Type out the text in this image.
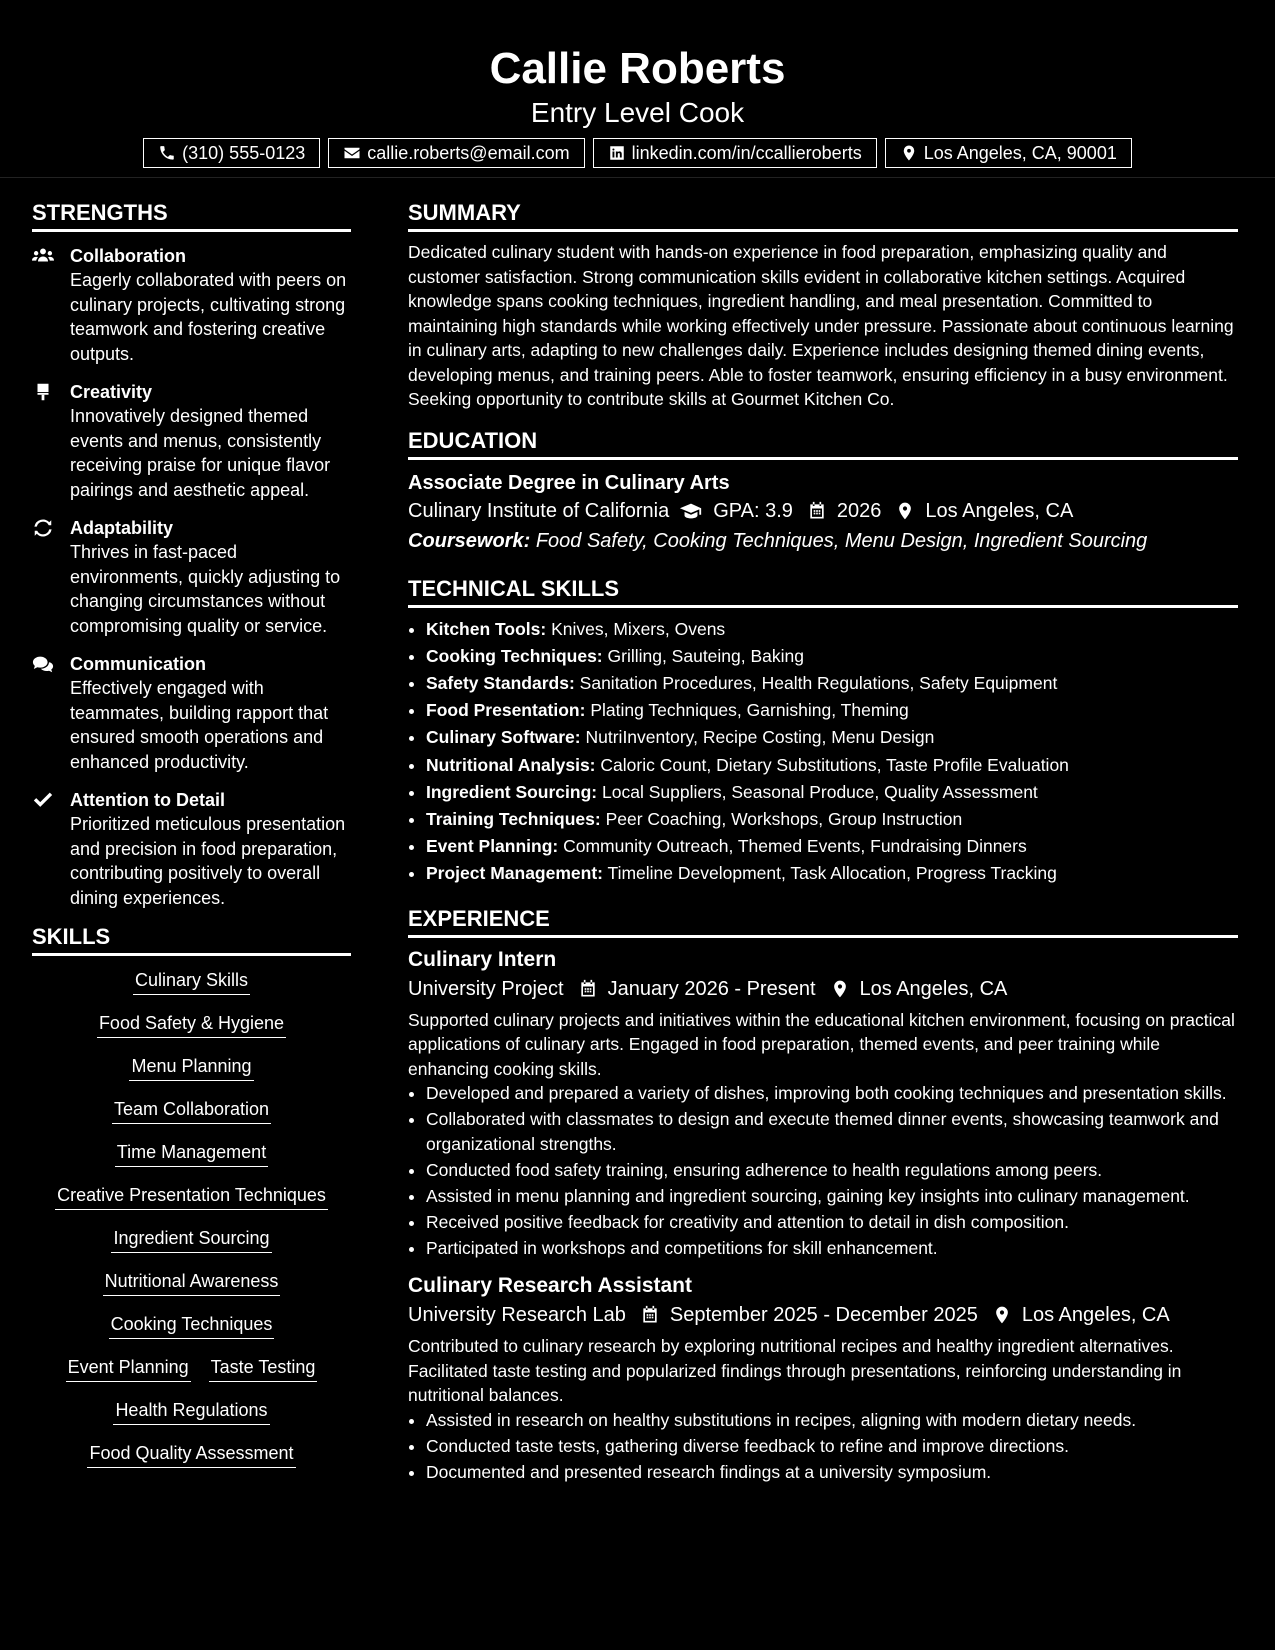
Callie Roberts
Entry Level Cook
(310) 555-0123	callie.roberts@email.com	linkedin.com/in/ccallieroberts	Los Angeles, CA, 90001
STRENGTHS
Collaboration
Eagerly collaborated with peers on culinary projects, cultivating strong teamwork and fostering creative outputs.
Creativity
Innovatively designed themed events and menus, consistently receiving praise for unique flavor pairings and aesthetic appeal.
Adaptability
Thrives in fast-paced environments, quickly adjusting to changing circumstances without compromising quality or service.
Communication
Effectively engaged with teammates, building rapport that ensured smooth operations and enhanced productivity.
Attention to Detail
Prioritized meticulous presentation and precision in food preparation, contributing positively to overall dining experiences.
SKILLS
Culinary Skills
Food Safety & Hygiene
Menu Planning
Team Collaboration
Time Management
Creative Presentation Techniques
Ingredient Sourcing
Nutritional Awareness
Cooking Techniques
Event Planning Taste Testing
Health Regulations
Food Quality Assessment
SUMMARY
Dedicated culinary student with hands-on experience in food preparation, emphasizing quality and customer satisfaction. Strong communication skills evident in collaborative kitchen settings. Acquired knowledge spans cooking techniques, ingredient handling, and meal presentation. Committed to maintaining high standards while working effectively under pressure. Passionate about continuous learning in culinary arts, adapting to new challenges daily. Experience includes designing themed dining events, developing menus, and training peers. Able to foster teamwork, ensuring efficiency in a busy environment. Seeking opportunity to contribute skills at Gourmet Kitchen Co.
EDUCATION
Associate Degree in Culinary Arts
Culinary Institute of California GPA: 3.9 2026 Los Angeles, CA
Coursework: Food Safety, Cooking Techniques, Menu Design, Ingredient Sourcing
TECHNICAL SKILLS
• Kitchen Tools: Knives, Mixers, Ovens
• Cooking Techniques: Grilling, Sauteing, Baking
• Safety Standards: Sanitation Procedures, Health Regulations, Safety Equipment
• Food Presentation: Plating Techniques, Garnishing, Theming
• Culinary Software: NutriInventory, Recipe Costing, Menu Design
• Nutritional Analysis: Caloric Count, Dietary Substitutions, Taste Profile Evaluation
• Ingredient Sourcing: Local Suppliers, Seasonal Produce, Quality Assessment
• Training Techniques: Peer Coaching, Workshops, Group Instruction
• Event Planning: Community Outreach, Themed Events, Fundraising Dinners
• Project Management: Timeline Development, Task Allocation, Progress Tracking
EXPERIENCE
Culinary Intern
University Project January 2026 - Present Los Angeles, CA
Supported culinary projects and initiatives within the educational kitchen environment, focusing on practical applications of culinary arts. Engaged in food preparation, themed events, and peer training while enhancing cooking skills.
• Developed and prepared a variety of dishes, improving both cooking techniques and presentation skills.
• Collaborated with classmates to design and execute themed dinner events, showcasing teamwork and organizational strengths.
• Conducted food safety training, ensuring adherence to health regulations among peers.
• Assisted in menu planning and ingredient sourcing, gaining key insights into culinary management.
• Received positive feedback for creativity and attention to detail in dish composition.
• Participated in workshops and competitions for skill enhancement.
Culinary Research Assistant
University Research Lab September 2025 - December 2025 Los Angeles, CA
Contributed to culinary research by exploring nutritional recipes and healthy ingredient alternatives. Facilitated taste testing and popularized findings through presentations, reinforcing understanding in nutritional balances.
• Assisted in research on healthy substitutions in recipes, aligning with modern dietary needs.
• Conducted taste tests, gathering diverse feedback to refine and improve directions.
• Documented and presented research findings at a university symposium.
